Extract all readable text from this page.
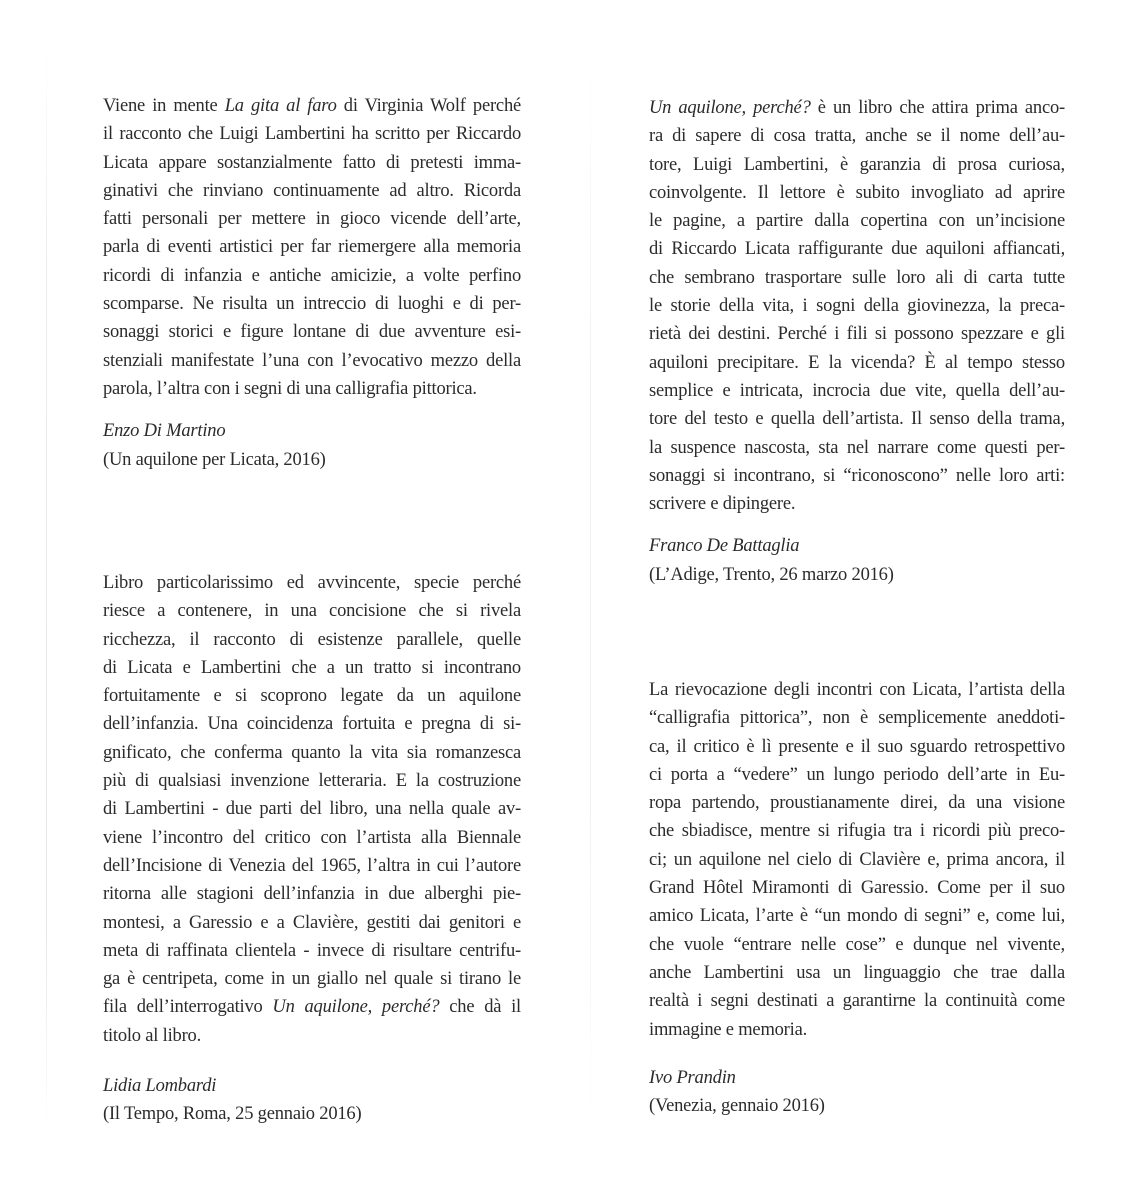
Viene in mente La gita al faro di Virginia Wolf perché
il racconto che Luigi Lambertini ha scritto per Riccardo
Licata appare sostanzialmente fatto di pretesti imma-
ginativi che rinviano continuamente ad altro. Ricorda
fatti personali per mettere in gioco vicende dell’arte,
parla di eventi artistici per far riemergere alla memoria
ricordi di infanzia e antiche amicizie, a volte perfino
scomparse. Ne risulta un intreccio di luoghi e di per-
sonaggi storici e figure lontane di due avventure esi-
stenziali manifestate l’una con l’evocativo mezzo della
parola, l’altra con i segni di una calligrafia pittorica.

Enzo Di Martino

(Un aquilone per Licata, 2016)

Un aquilone, perché? è un libro che attira prima anco-
ra di sapere di cosa tratta, anche se il nome dell’au-
tore, Luigi Lambertini, è garanzia di prosa curiosa,
coinvolgente. Il lettore è subito invogliato ad aprire
le pagine, a partire dalla copertina con un’incisione
di Riccardo Licata raffigurante due aquiloni affiancati,
che sembrano trasportare sulle loro ali di carta tutte
le storie della vita, i sogni della giovinezza, la preca-
rietà dei destini. Perché i fili si possono spezzare e gli
aquiloni precipitare. E la vicenda? È al tempo stesso
semplice e intricata, incrocia due vite, quella dell’au-
tore del testo e quella dell’artista. Il senso della trama,
la suspence nascosta, sta nel narrare come questi per-
sonaggi si incontrano, si “riconoscono” nelle loro arti:
scrivere e dipingere.

Franco De Battaglia

(L’Adige, Trento, 26 marzo 2016)

Libro particolarissimo ed avvincente, specie perché
riesce a contenere, in una concisione che si rivela
ricchezza, il racconto di esistenze parallele, quelle
di Licata e Lambertini che a un tratto si incontrano
fortuitamente e si scoprono legate da un aquilone
dell’infanzia. Una coincidenza fortuita e pregna di si-
gnificato, che conferma quanto la vita sia romanzesca
più di qualsiasi invenzione letteraria. E la costruzione
di Lambertini - due parti del libro, una nella quale av-
viene l’incontro del critico con l’artista alla Biennale
dell’Incisione di Venezia del 1965, l’altra in cui l’autore
ritorna alle stagioni dell’infanzia in due alberghi pie-
montesi, a Garessio e a Clavière, gestiti dai genitori e
meta di raffinata clientela - invece di risultare centrifu-
ga è centripeta, come in un giallo nel quale si tirano le
fila dell’interrogativo Un aquilone, perché? che dà il
titolo al libro.

Lidia Lombardi

(Il Tempo, Roma, 25 gennaio 2016)

La rievocazione degli incontri con Licata, l’artista della
“calligrafia pittorica”, non è semplicemente aneddoti-
ca, il critico è lì presente e il suo sguardo retrospettivo
ci porta a “vedere” un lungo periodo dell’arte in Eu-
ropa partendo, proustianamente direi, da una visione
che sbiadisce, mentre si rifugia tra i ricordi più preco-
ci; un aquilone nel cielo di Clavière e, prima ancora, il
Grand Hôtel Miramonti di Garessio. Come per il suo
amico Licata, l’arte è “un mondo di segni” e, come lui,
che vuole “entrare nelle cose” e dunque nel vivente,
anche Lambertini usa un linguaggio che trae dalla
realtà i segni destinati a garantirne la continuità come
immagine e memoria.

Ivo Prandin

(Venezia, gennaio 2016)
